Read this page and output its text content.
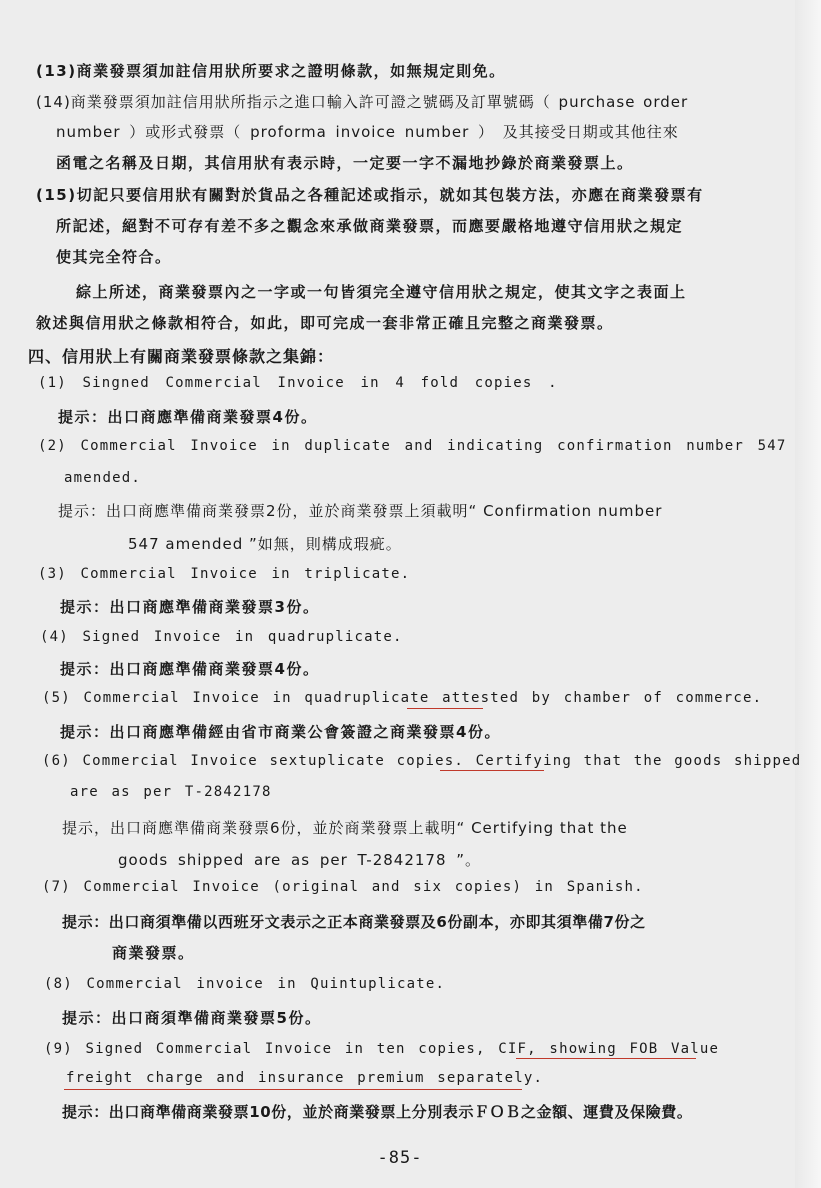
(13)商業發票須加註信用狀所要求之證明條款，如無規定則免。
(14)商業發票須加註信用狀所指示之進口輸入許可證之號碼及訂單號碼（ purchase order
number ）或形式發票（ proforma invoice number ） 及其接受日期或其他往來
函電之名稱及日期，其信用狀有表示時，一定要一字不漏地抄錄於商業發票上。
(15)切記只要信用狀有關對於貨品之各種記述或指示，就如其包裝方法，亦應在商業發票有
所記述，絕對不可存有差不多之觀念來承做商業發票，而應要嚴格地遵守信用狀之規定
使其完全符合。
綜上所述，商業發票內之一字或一句皆須完全遵守信用狀之規定，使其文字之表面上
敘述與信用狀之條款相符合，如此，即可完成一套非常正確且完整之商業發票。
四、信用狀上有關商業發票條款之集錦：
(1) Singned Commercial Invoice in 4 fold copies .
提示：出口商應準備商業發票4份。
(2) Commercial Invoice in duplicate and indicating confirmation number 547
amended.
提示：出口商應準備商業發票2份，並於商業發票上須載明“ Confirmation number
547 amended ”如無，則構成瑕疵。
(3) Commercial Invoice in triplicate.
提示：出口商應準備商業發票3份。
(4) Signed Invoice in quadruplicate.
提示：出口商應準備商業發票4份。
(5) Commercial Invoice in quadruplicate attested by chamber of commerce.
提示：出口商應準備經由省市商業公會簽證之商業發票4份。
(6) Commercial Invoice sextuplicate copies. Certifying that the goods shipped
are as per T-2842178
提示，出口商應準備商業發票6份，並於商業發票上載明“ Certifying that the
goods shipped are as per T-2842178 ”。
(7) Commercial Invoice (original and six copies) in Spanish.
提示：出口商須準備以西班牙文表示之正本商業發票及6份副本，亦即其須準備7份之
商業發票。
(8) Commercial invoice in Quintuplicate.
提示：出口商須準備商業發票5份。
(9) Signed Commercial Invoice in ten copies, CIF, showing FOB Value
freight charge and insurance premium separately.
提示：出口商準備商業發票10份，並於商業發票上分別表示ＦＯＢ之金額、運費及保險費。
-85-
